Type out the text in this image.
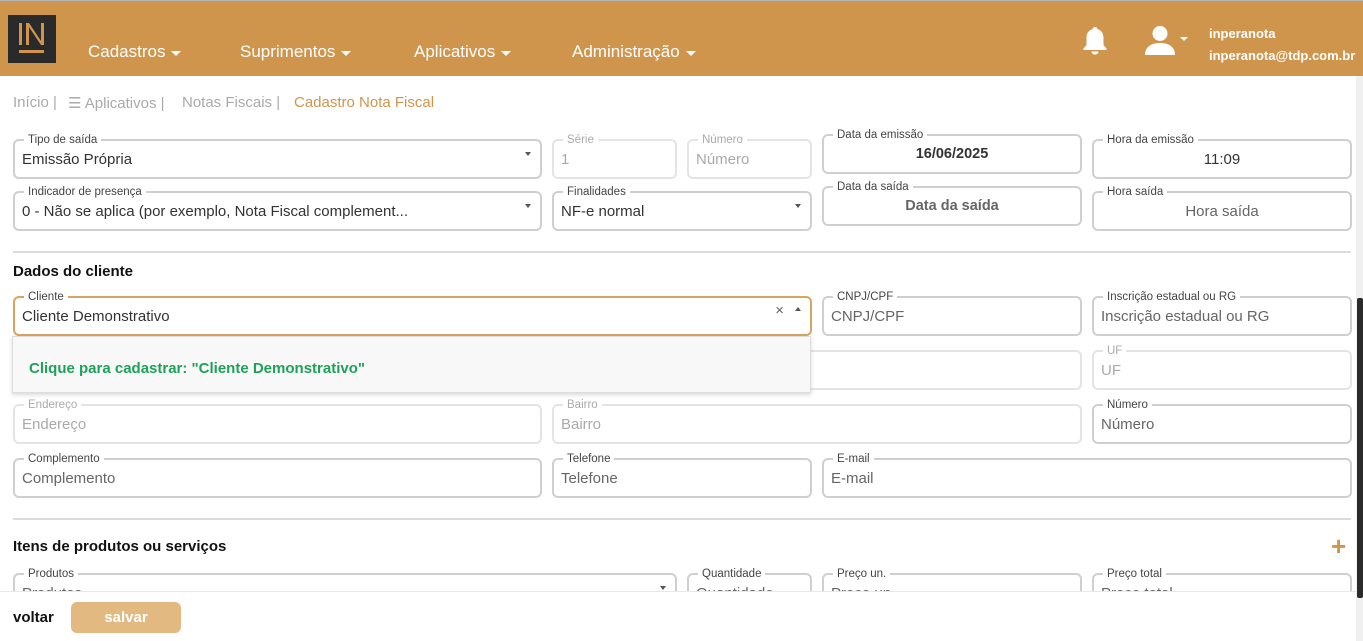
Cadastros	Suprimentos	Aplicativos	Administração
inperanota
inperanota@tdp.com.br
Início | ☰ Aplicativos | Notas Fiscais | Cadastro Nota Fiscal
Tipo de saída
Emissão Própria
Série
1
Número
Número
Data da emissão
16/06/2025
Hora da emissão
11:09
Indicador de presença
0 - Não se aplica (por exemplo, Nota Fiscal complement...
Finalidades
NF-e normal
Data da saída
Data da saída
Hora saída
Hora saída
Dados do cliente
Cliente
Cliente Demonstrativo	×
CNPJ/CPF
CNPJ/CPF
Inscrição estadual ou RG
Inscrição estadual ou RG
UF
UF
Endereço
Endereço
Bairro
Bairro
Número
Número
Complemento
Complemento
Telefone
Telefone
E-mail
E-mail
Clique para cadastrar: "Cliente Demonstrativo"
Itens de produtos ou serviços	+
Produtos	Quantidade	Preço un.	Preço total
voltar	salvar
